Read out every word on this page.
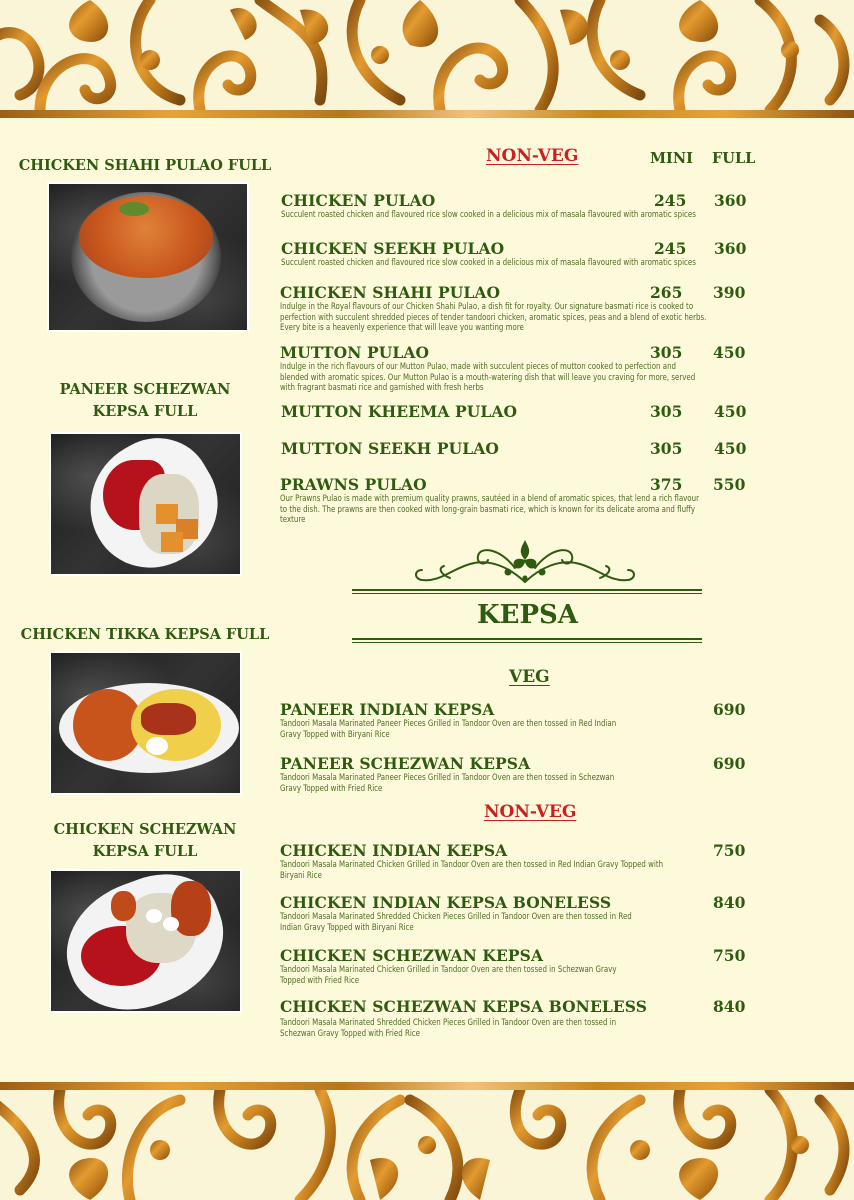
CHICKEN SHAHI PULAO FULL
PANEER SCHEZWAN
KEPSA FULL
CHICKEN TIKKA KEPSA FULL
CHICKEN SCHEZWAN
KEPSA FULL
NON-VEG	MINI FULL
CHICKEN PULAO
Succulent roasted chicken and flavoured rice slow cooked in a delicious mix of masala flavoured with aromatic spices
245 360
CHICKEN SEEKH PULAO
Succulent roasted chicken and flavoured rice slow cooked in a delicious mix of masala flavoured with aromatic spices
245 360
CHICKEN SHAHI PULAO
Indulge in the Royal flavours of our Chicken Shahi Pulao, a dish fit for royalty. Our signature basmati rice is cooked to perfection with succulent shredded pieces of tender tandoori chicken, aromatic spices, peas and a blend of exotic herbs. Every bite is a heavenly experience that will leave you wanting more
265 390
MUTTON PULAO
Indulge in the rich flavours of our Mutton Pulao, made with succulent pieces of mutton cooked to perfection and blended with aromatic spices. Our Mutton Pulao is a mouth-watering dish that will leave you craving for more, served with fragrant basmati rice and garnished with fresh herbs
305 450
MUTTON KHEEMA PULAO	305 450
MUTTON SEEKH PULAO	305 450
PRAWNS PULAO
Our Prawns Pulao is made with premium quality prawns, sautéed in a blend of aromatic spices, that lend a rich flavour to the dish. The prawns are then cooked with long-grain basmati rice, which is known for its delicate aroma and fluffy texture
375 550
KEPSA
VEG
PANEER INDIAN KEPSA
Tandoori Masala Marinated Paneer Pieces Grilled in Tandoor Oven are then tossed in Red Indian Gravy Topped with Biryani Rice
690
PANEER SCHEZWAN KEPSA
Tandoori Masala Marinated Paneer Pieces Grilled in Tandoor Oven are then tossed in Schezwan Gravy Topped with Fried Rice
690
NON-VEG
CHICKEN INDIAN KEPSA
Tandoori Masala Marinated Chicken Grilled in Tandoor Oven are then tossed in Red Indian Gravy Topped with Biryani Rice
750
CHICKEN INDIAN KEPSA BONELESS
Tandoori Masala Marinated Shredded Chicken Pieces Grilled in Tandoor Oven are then tossed in Red Indian Gravy Topped with Biryani Rice
840
CHICKEN SCHEZWAN KEPSA
Tandoori Masala Marinated Chicken Grilled in Tandoor Oven are then tossed in Schezwan Gravy Topped with Fried Rice
750
CHICKEN SCHEZWAN KEPSA BONELESS
Tandoori Masala Marinated Shredded Chicken Pieces Grilled in Tandoor Oven are then tossed in Schezwan Gravy Topped with Fried Rice
840
